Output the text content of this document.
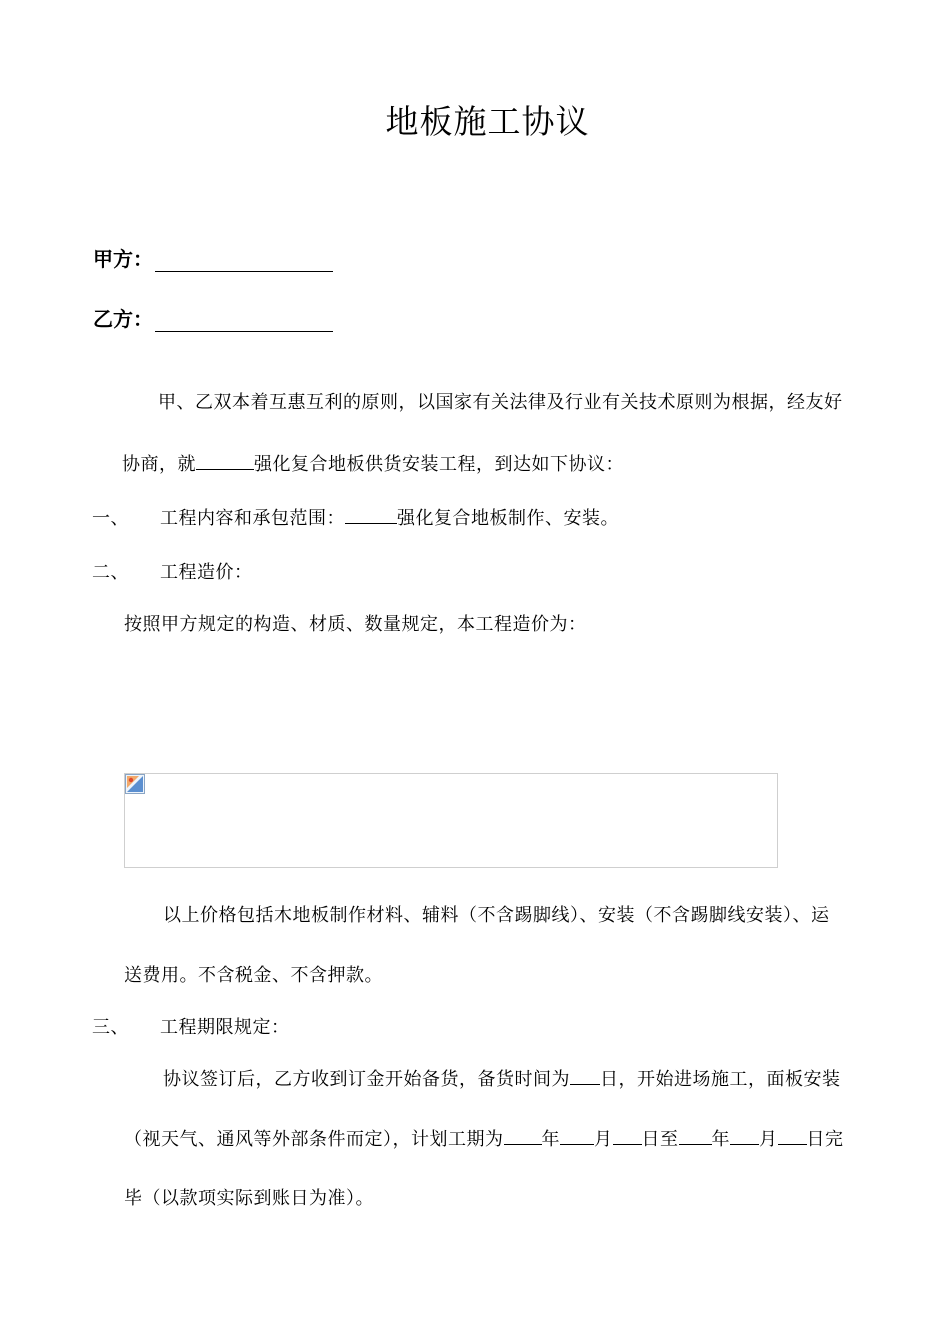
地板施工协议
甲方：
乙方：
甲、乙双本着互惠互利的原则，以国家有关法律及行业有关技术原则为根据，经友好
协商，就	强化复合地板供货安装工程，到达如下协议：
一、 工程内容和承包范围：	强化复合地板制作、安装。
二、 工程造价：
按照甲方规定的构造、材质、数量规定，本工程造价为：
以上价格包括木地板制作材料、辅料（不含踢脚线）、安装（不含踢脚线安装）、运
送费用。不含税金、不含押款。
三、 工程期限规定：
协议签订后，乙方收到订金开始备货，备货时间为 日，开始进场施工，面板安装
（视天气、通风等外部条件而定），计划工期为 年 月 日至 年 月 日完
毕（以款项实际到账日为准）。
